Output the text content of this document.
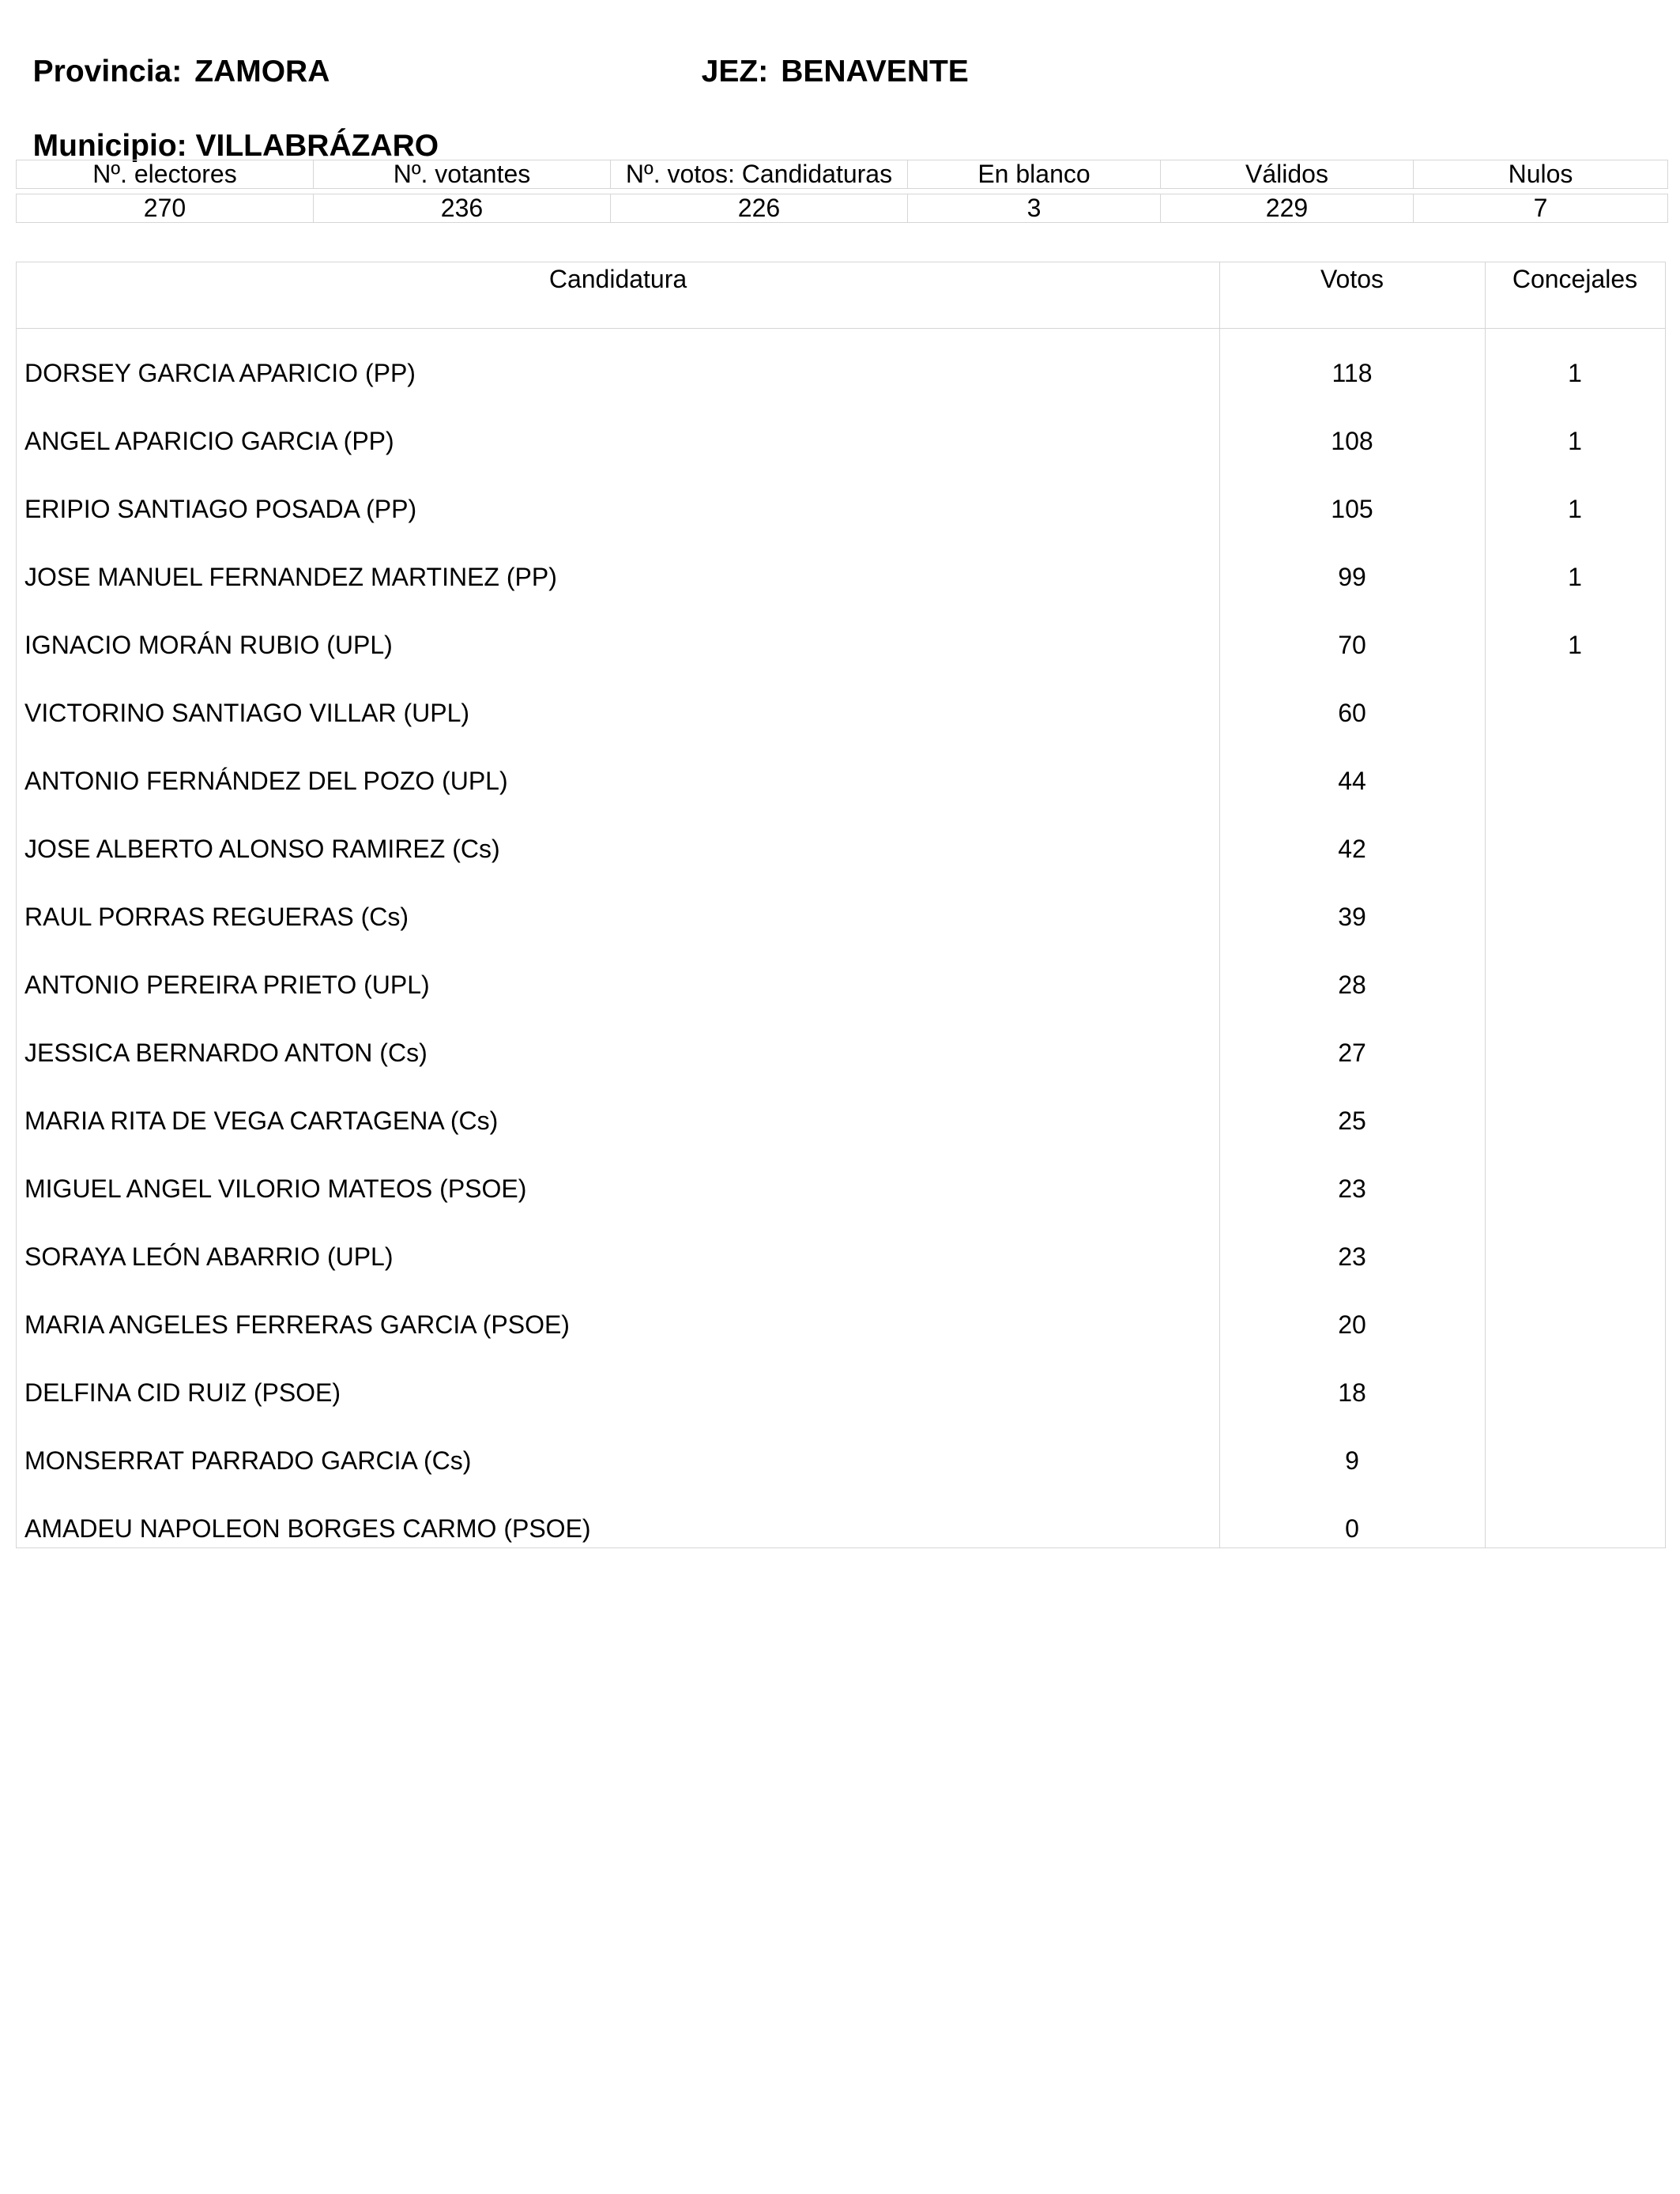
Provincia: ZAMORA	JEZ: BENAVENTE

Municipio: VILLABRÁZARO

Nº. electores	Nº. votantes	Nº. votos: Candidaturas	En blanco	Válidos	Nulos

270	236	226	3	229	7
Candidatura	Votos	Concejales
DORSEY GARCIA APARICIO (PP)	118	1
ANGEL APARICIO GARCIA (PP)	108	1
ERIPIO SANTIAGO POSADA (PP)	105	1
JOSE MANUEL FERNANDEZ MARTINEZ (PP)	99	1
IGNACIO MORÁN RUBIO (UPL)	70	1
VICTORINO SANTIAGO VILLAR (UPL)	60
ANTONIO FERNÁNDEZ DEL POZO (UPL)	44
JOSE ALBERTO ALONSO RAMIREZ (Cs)	42
RAUL PORRAS REGUERAS (Cs)	39
ANTONIO PEREIRA PRIETO (UPL)	28
JESSICA BERNARDO ANTON (Cs)	27
MARIA RITA DE VEGA CARTAGENA (Cs)	25
MIGUEL ANGEL VILORIO MATEOS (PSOE)	23
SORAYA LEÓN ABARRIO (UPL)	23
MARIA ANGELES FERRERAS GARCIA (PSOE)	20
DELFINA CID RUIZ (PSOE)	18
MONSERRAT PARRADO GARCIA (Cs)	9
AMADEU NAPOLEON BORGES CARMO (PSOE)	0
